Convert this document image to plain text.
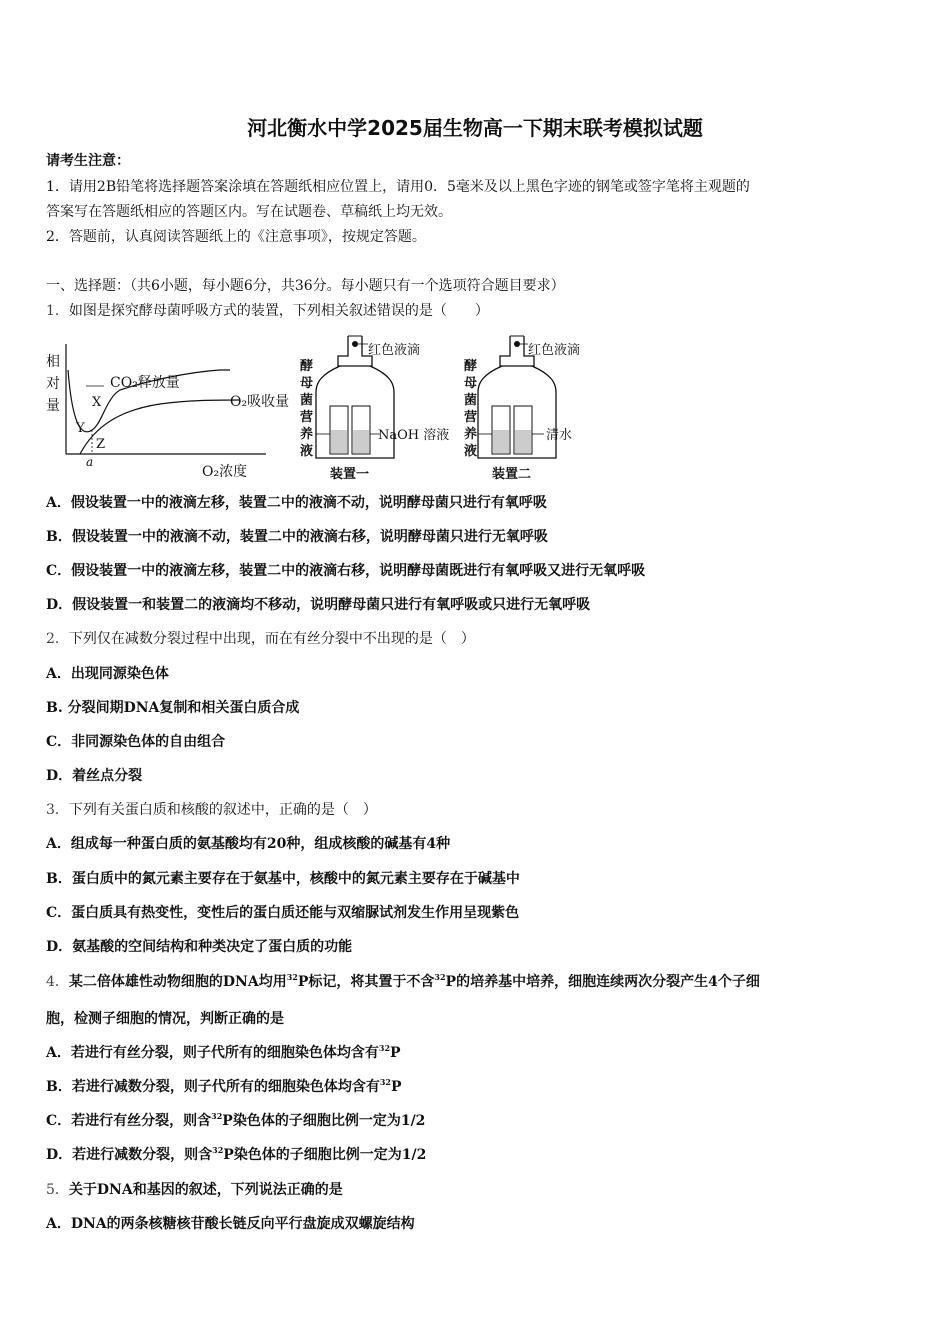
河北衡水中学2025届生物高一下期末联考模拟试题
请考生注意：
1．请用2B铅笔将选择题答案涂填在答题纸相应位置上，请用0．5毫米及以上黑色字迹的钢笔或签字笔将主观题的
答案写在答题纸相应的答题区内。写在试题卷、草稿纸上均无效。
2．答题前，认真阅读答题纸上的《注意事项》，按规定答题。
一、选择题：（共6小题，每小题6分，共36分。每小题只有一个选项符合题目要求）
1．如图是探究酵母菌呼吸方式的装置，下列相关叙述错误的是（　　）
相
对
量
CO₂释放量
X
Y
Z
a
O₂吸收量
O₂浓度
酵
母
菌
营
养
液
红色液滴
NaOH 溶液
装置一
酵
母
菌
营
养
液
红色液滴
清水
装置二
A．假设装置一中的液滴左移，装置二中的液滴不动，说明酵母菌只进行有氧呼吸
B．假设装置一中的液滴不动，装置二中的液滴右移，说明酵母菌只进行无氧呼吸
C．假设装置一中的液滴左移，装置二中的液滴右移，说明酵母菌既进行有氧呼吸又进行无氧呼吸
D．假设装置一和装置二的液滴均不移动，说明酵母菌只进行有氧呼吸或只进行无氧呼吸
2．下列仅在减数分裂过程中出现，而在有丝分裂中不出现的是（　）
A．出现同源染色体
B. 分裂间期DNA复制和相关蛋白质合成
C．非同源染色体的自由组合
D．着丝点分裂
3．下列有关蛋白质和核酸的叙述中，正确的是（　）
A．组成每一种蛋白质的氨基酸均有20种，组成核酸的碱基有4种
B．蛋白质中的氮元素主要存在于氨基中，核酸中的氮元素主要存在于碱基中
C．蛋白质具有热变性，变性后的蛋白质还能与双缩脲试剂发生作用呈现紫色
D．氨基酸的空间结构和种类决定了蛋白质的功能
4．某二倍体雄性动物细胞的DNA均用$^{32}$P标记，将其置于不含$^{32}$P的培养基中培养，细胞连续两次分裂产生4个子细
胞，检测子细胞的情况，判断正确的是
A．若进行有丝分裂，则子代所有的细胞染色体均含有$^{32}$P
B．若进行减数分裂，则子代所有的细胞染色体均含有$^{32}$P
C．若进行有丝分裂，则含$^{32}$P染色体的子细胞比例一定为1/2
D．若进行减数分裂，则含$^{32}$P染色体的子细胞比例一定为1/2
5．关于DNA和基因的叙述，下列说法正确的是
A．DNA的两条核糖核苷酸长链反向平行盘旋成双螺旋结构
